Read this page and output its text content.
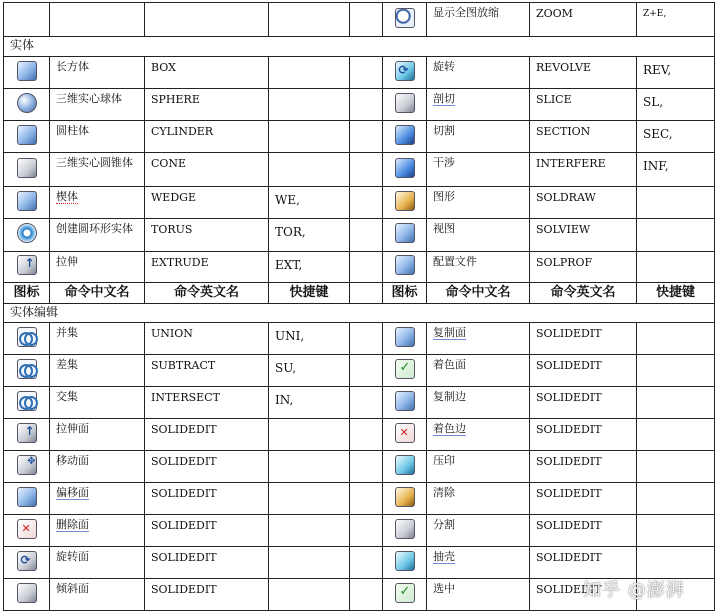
						显示全图放缩	ZOOM	Z+E,
实体								
	长方体	BOX			⟳	旋转	REVOLVE	REV,
	三维实心球体	SPHERE				剖切	SLICE	SL,
	圆柱体	CYLINDER				切割	SECTION	SEC,
	三维实心圆锥体	CONE				干涉	INTERFERE	INF,
	楔体	WEDGE	WE,			图形	SOLDRAW	
	创建圆环形实体	TORUS	TOR,			视图	SOLVIEW	
↑	拉伸	EXTRUDE	EXT,			配置文件	SOLPROF	
图标	命令中文名	命令英文名	快捷键		图标	命令中文名	命令英文名	快捷键
实体编辑								
	并集	UNION	UNI,			复制面	SOLIDEDIT	
	差集	SUBTRACT	SU,		✓	着色面	SOLIDEDIT	
	交集	INTERSECT	IN,			复制边	SOLIDEDIT	
↑	拉伸面	SOLIDEDIT			✕	着色边	SOLIDEDIT	
✥	移动面	SOLIDEDIT				压印	SOLIDEDIT	
	偏移面	SOLIDEDIT				清除	SOLIDEDIT	
✕	删除面	SOLIDEDIT				分割	SOLIDEDIT	
⟳	旋转面	SOLIDEDIT				抽壳	SOLIDEDIT	
	倾斜面	SOLIDEDIT			✓	选中	SOLIDEDIT	
知乎 @澎湃
